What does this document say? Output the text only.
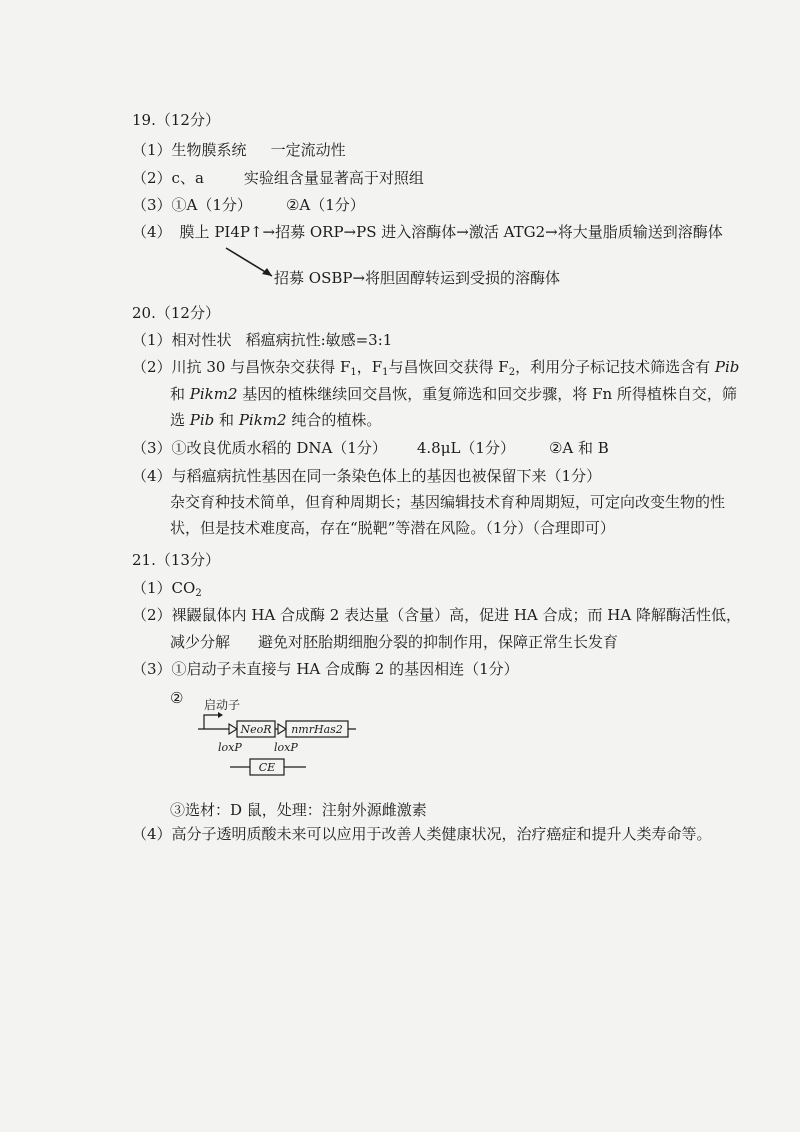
19.（12分）
（1）生物膜系统 一定流动性
（2）c、a	实验组含量显著高于对照组
（3）①A（1分） ②A（1分）
（4） 膜上 PI4P↑→招募 ORP→PS 进入溶酶体→激活 ATG2→将大量脂质输送到溶酶体
招募 OSBP→将胆固醇转运到受损的溶酶体
20.（12分）
（1）相对性状 稻瘟病抗性:敏感=3:1
（2）川抗 30 与昌恢杂交获得 $F_1$，$F_1$与昌恢回交获得 $F_2$，利用分子标记技术筛选含有 Pib
和 Pikm2 基因的植株继续回交昌恢，重复筛选和回交步骤，将 Fn 所得植株自交，筛
选 Pib 和 Pikm2 纯合的植株。
（3）①改良优质水稻的 DNA（1分） 4.8μL（1分） ②A 和 B
（4）与稻瘟病抗性基因在同一条染色体上的基因也被保留下来（1分）
杂交育种技术简单，但育种周期长；基因编辑技术育种周期短，可定向改变生物的性
状，但是技术难度高，存在“脱靶”等潜在风险。（1分）（合理即可）
21.（13分）
$(1)CO_2$
（2）裸鼹鼠体内 HA 合成酶 2 表达量（含量）高，促进 HA 合成；而 HA 降解酶活性低，
减少分解 避免对胚胎期细胞分裂的抑制作用，保障正常生长发育
（3）①启动子未直接与 HA 合成酶 2 的基因相连（1分）
② 启动子
NeoR nmrHas2
loxP	loxP
CE
③选材：D 鼠，处理：注射外源雌激素
（4）高分子透明质酸未来可以应用于改善人类健康状况，治疗癌症和提升人类寿命等。
